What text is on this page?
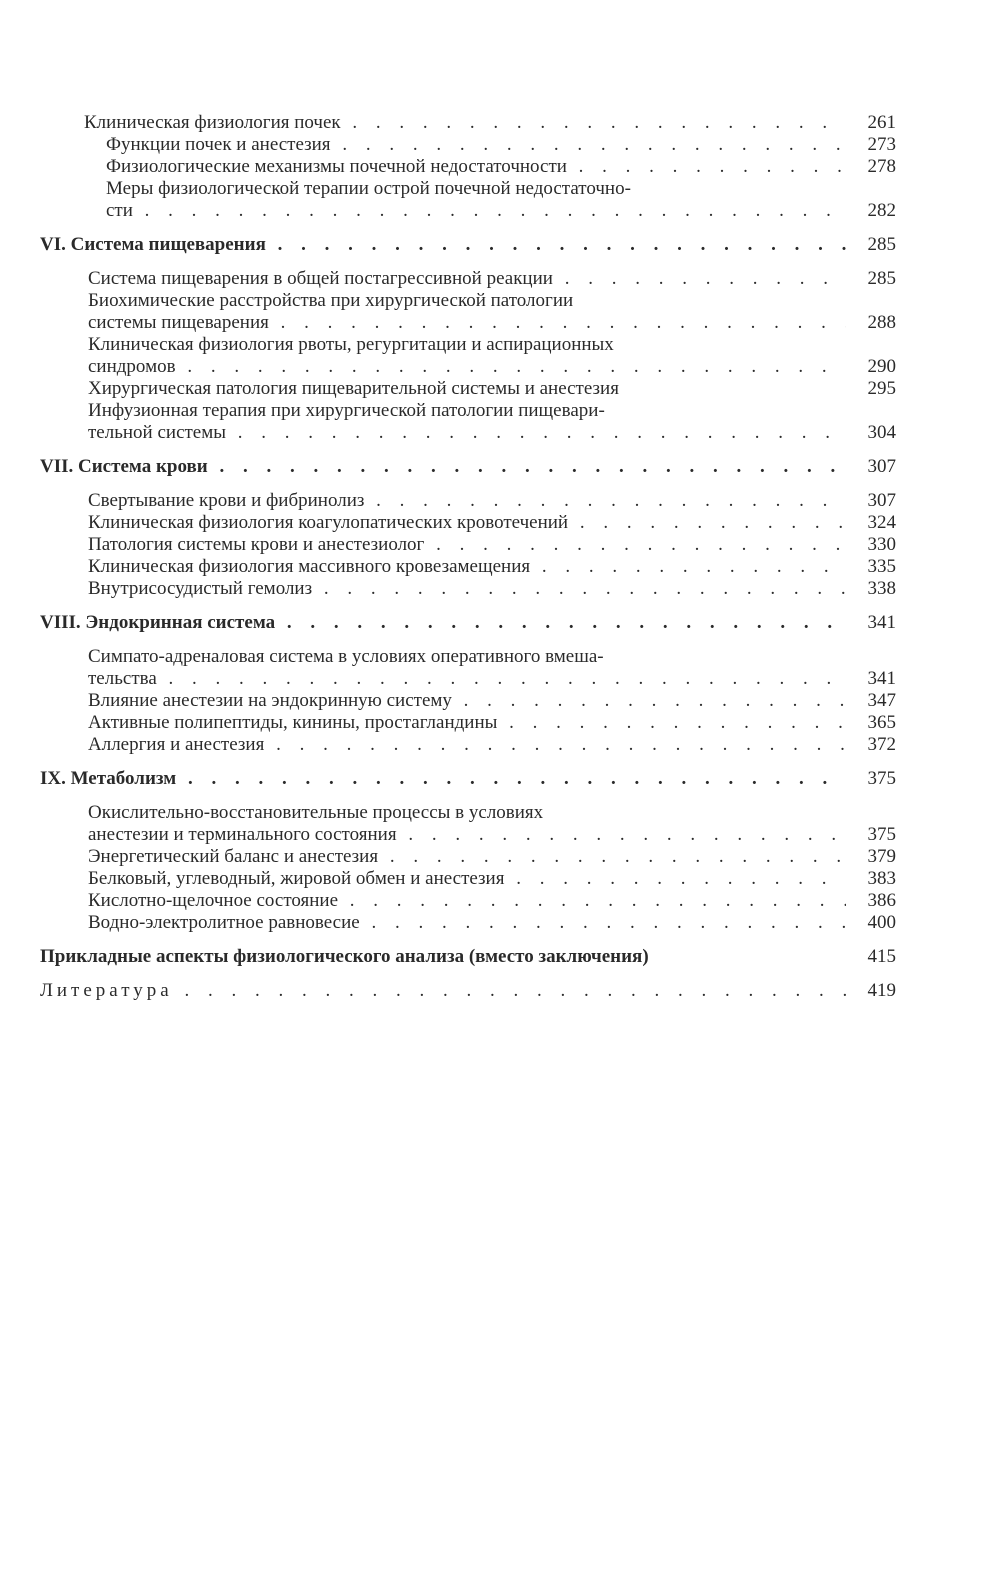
Клиническая физиология почек . . .	261
Функции почек и анестезия . . .	273
Физиологические механизмы почечной недостаточности . . .	278
Меры физиологической терапии острой почечной недостаточно-
сти . . .	282
VI. Система пищеварения . . .	285
Система пищеварения в общей постагрессивной реакции . . .	285
Биохимические расстройства при хирургической патологии
системы пищеварения . . .	288
Клиническая физиология рвоты, регургитации и аспирационных
синдромов . . .	290
Хирургическая патология пищеварительной системы и анестезия	295
Инфузионная терапия при хирургической патологии пищевари-
тельной системы . . .	304
VII. Система крови . . .	307
Свертывание крови и фибринолиз . . .	307
Клиническая физиология коагулопатических кровотечений . . .	324
Патология системы крови и анестезиолог . . .	330
Клиническая физиология массивного кровезамещения . . .	335
Внутрисосудистый гемолиз . . .	338
VIII. Эндокринная система . . .	341
Симпато-адреналовая система в условиях оперативного вмеша-
тельства . . .	341
Влияние анестезии на эндокринную систему . . .	347
Активные полипептиды, кинины, простагландины . . .	365
Аллергия и анестезия . . .	372
IX. Метаболизм . . .	375
Окислительно-восстановительные процессы в условиях
анестезии и терминального состояния . . .	375
Энергетический баланс и анестезия . . .	379
Белковый, углеводный, жировой обмен и анестезия . . .	383
Кислотно-щелочное состояние . . .	386
Водно-электролитное равновесие . . .	400
Прикладные аспекты физиологического анализа (вместо заключения)	415
Литература . . .	419
